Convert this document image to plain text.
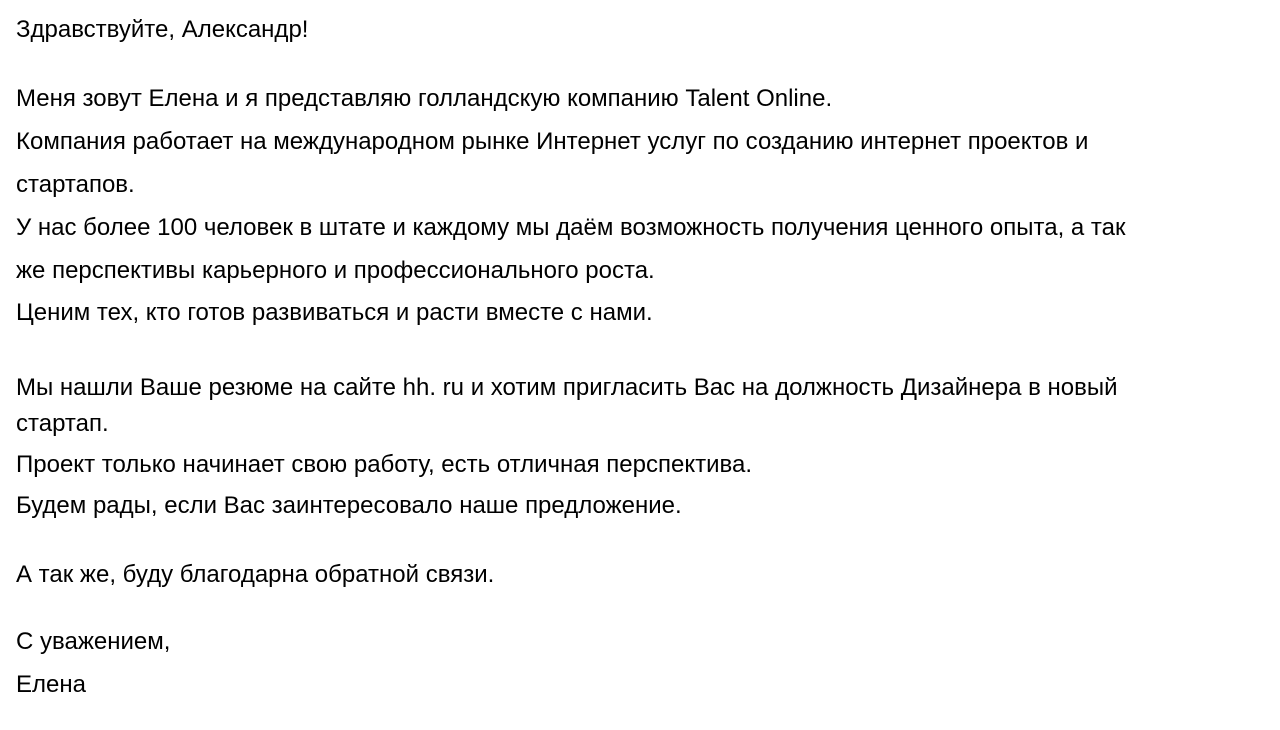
Здравствуйте, Александр!
Меня зовут Елена и я представляю голландскую компанию Talent Online.
Компания работает на международном рынке Интернет услуг по созданию интернет проектов и
стартапов.
У нас более 100 человек в штате и каждому мы даём возможность получения ценного опыта, а так
же перспективы карьерного и профессионального роста.
Ценим тех, кто готов развиваться и расти вместе с нами.
Мы нашли Ваше резюме на сайте hh. ru и хотим пригласить Вас на должность Дизайнера в новый
стартап.
Проект только начинает свою работу, есть отличная перспектива.
Будем рады, если Вас заинтересовало наше предложение.
А так же, буду благодарна обратной связи.
С уважением,
Елена
